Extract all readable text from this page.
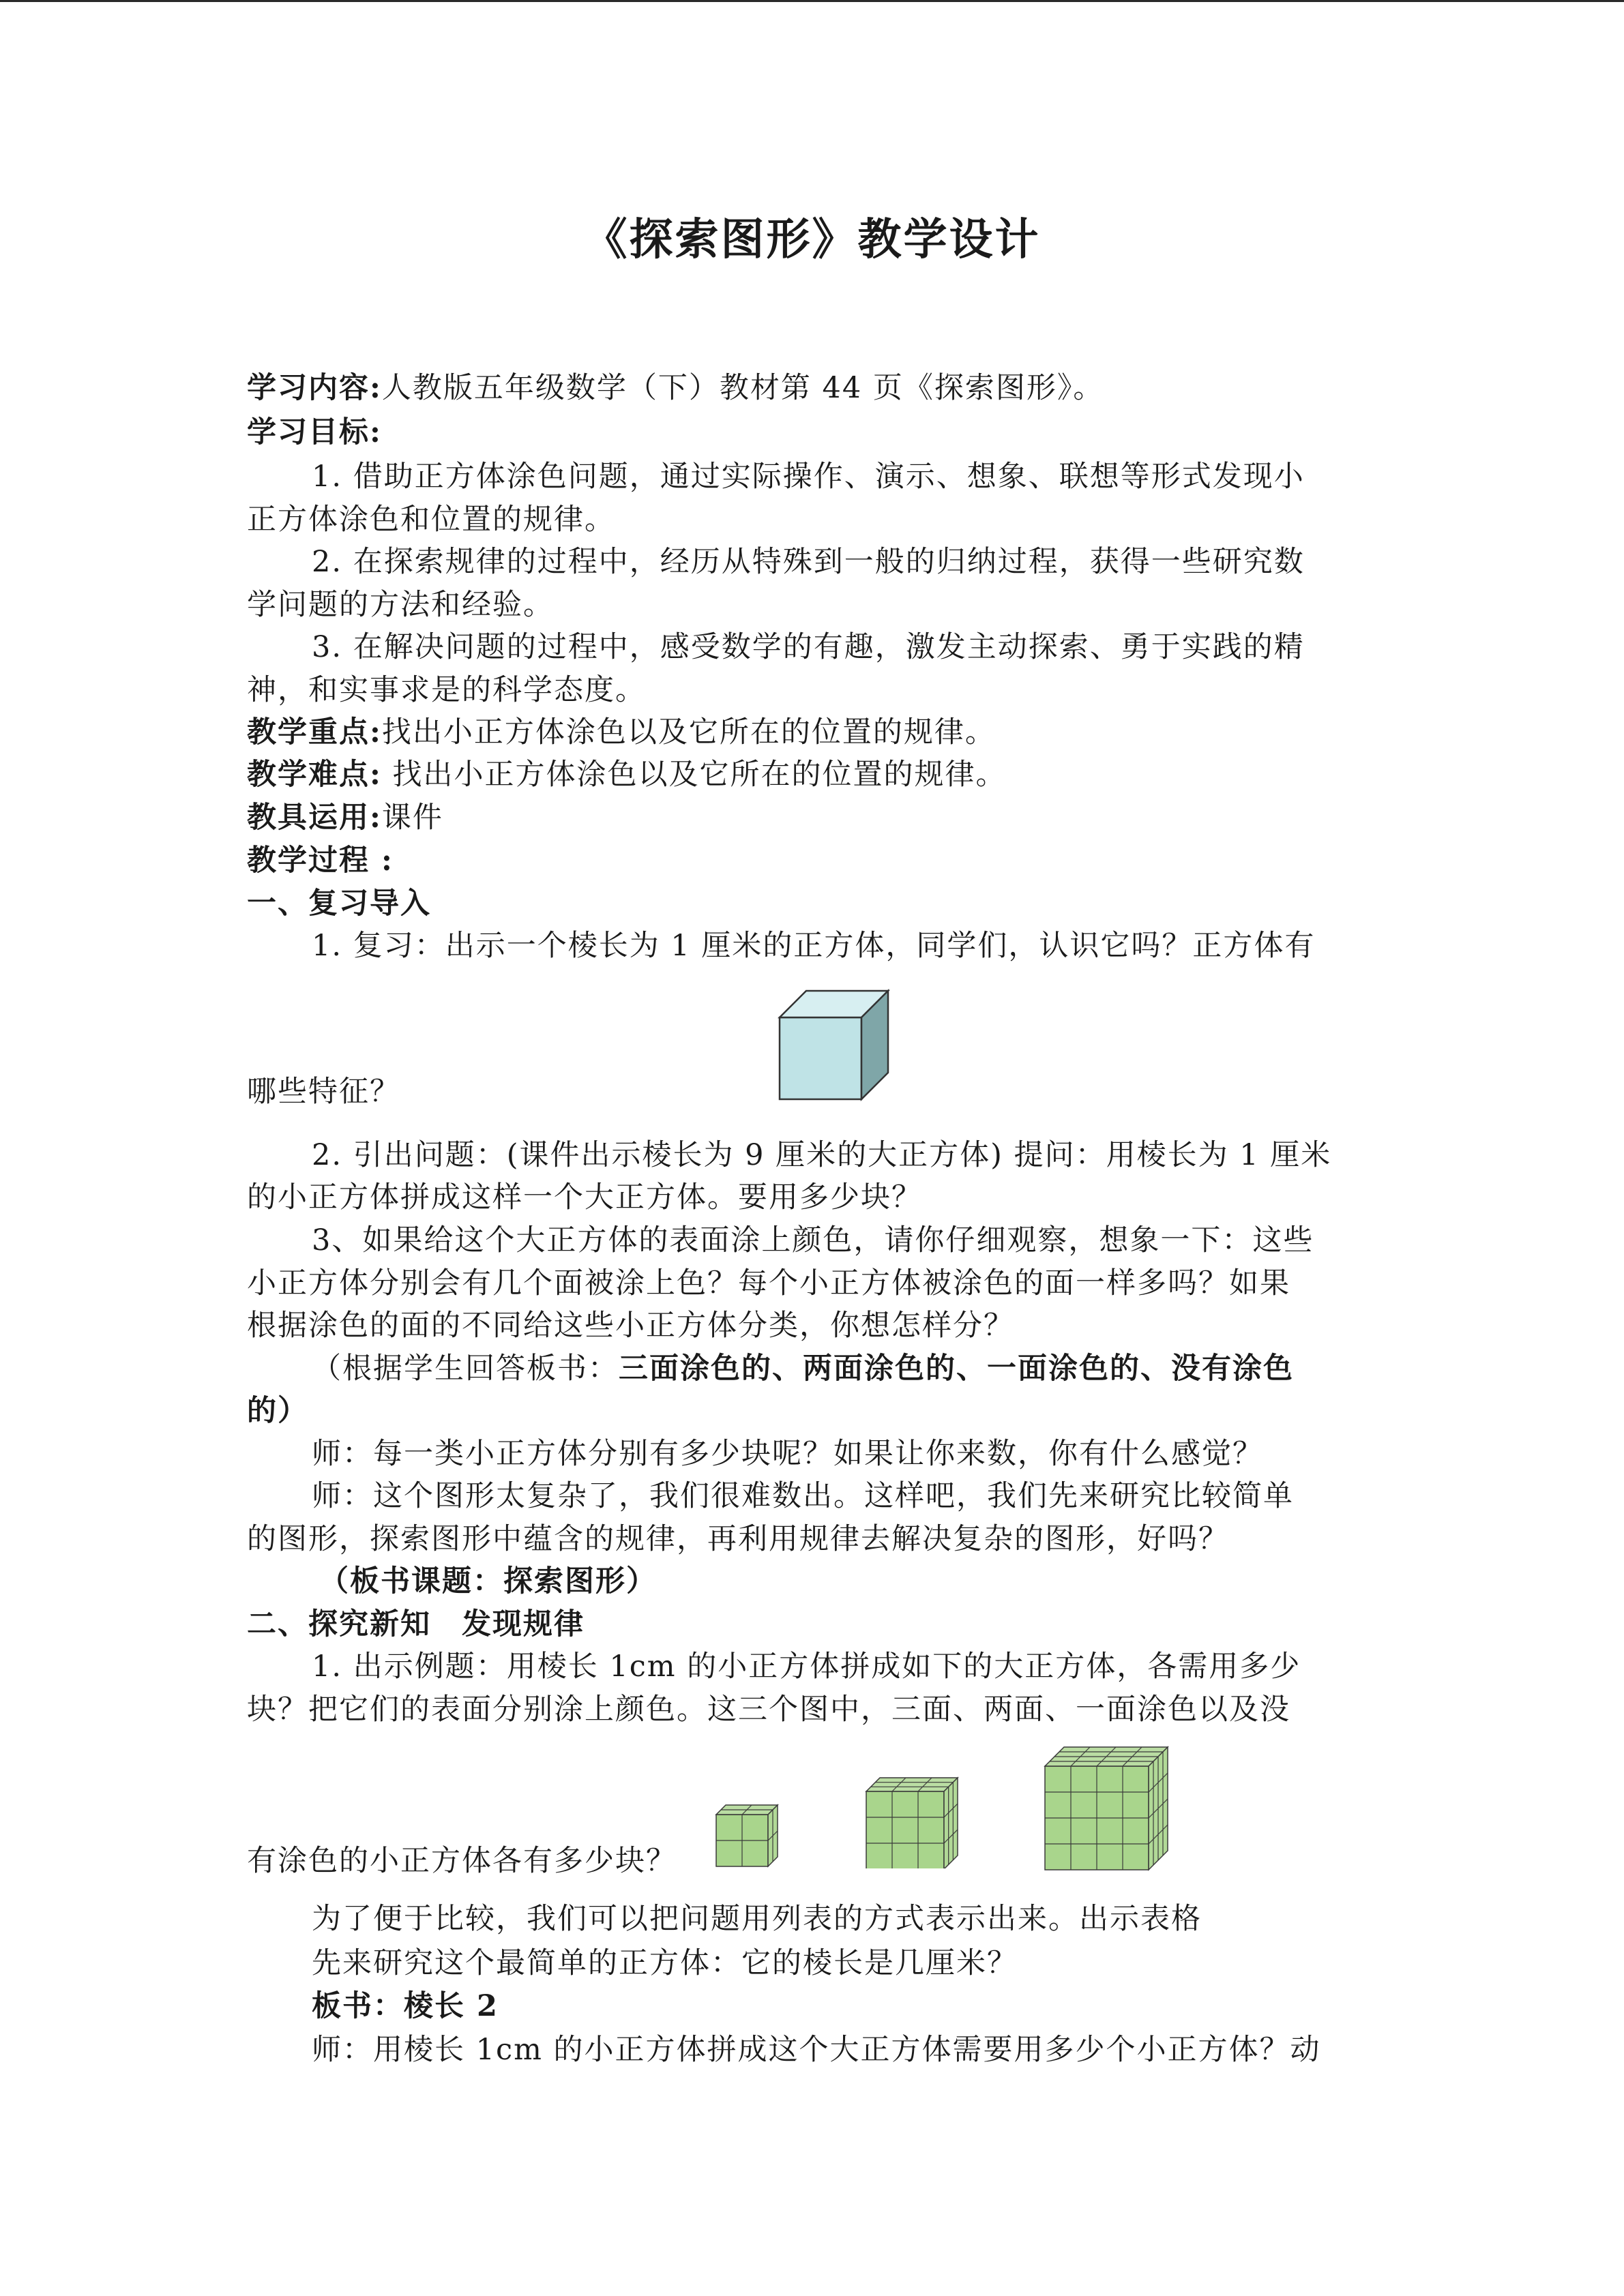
《探索图形》教学设计
学习内容:人教版五年级数学（下）教材第 44 页《探索图形》。
学习目标:
1. 借助正方体涂色问题，通过实际操作、演示、想象、联想等形式发现小
正方体涂色和位置的规律。
2. 在探索规律的过程中，经历从特殊到一般的归纳过程，获得一些研究数
学问题的方法和经验。
3. 在解决问题的过程中，感受数学的有趣，激发主动探索、勇于实践的精
神，和实事求是的科学态度。
教学重点:找出小正方体涂色以及它所在的位置的规律。
教学难点: 找出小正方体涂色以及它所在的位置的规律。
教具运用:课件
教学过程 :
一、复习导入
1. 复习：出示一个棱长为 1 厘米的正方体，同学们，认识它吗？正方体有
哪些特征？
2. 引出问题：(课件出示棱长为 9 厘米的大正方体) 提问：用棱长为 1 厘米
的小正方体拼成这样一个大正方体。要用多少块？
3、如果给这个大正方体的表面涂上颜色，请你仔细观察，想象一下：这些
小正方体分别会有几个面被涂上色？每个小正方体被涂色的面一样多吗？如果
根据涂色的面的不同给这些小正方体分类，你想怎样分？
（根据学生回答板书：三面涂色的、两面涂色的、一面涂色的、没有涂色
的）
师：每一类小正方体分别有多少块呢？如果让你来数，你有什么感觉？
师：这个图形太复杂了，我们很难数出。这样吧，我们先来研究比较简单
的图形，探索图形中蕴含的规律，再利用规律去解决复杂的图形，好吗？
（板书课题：探索图形）
二、探究新知　发现规律
1. 出示例题：用棱长 1cm 的小正方体拼成如下的大正方体，各需用多少
块？把它们的表面分别涂上颜色。这三个图中，三面、两面、一面涂色以及没
有涂色的小正方体各有多少块？
为了便于比较，我们可以把问题用列表的方式表示出来。出示表格
先来研究这个最简单的正方体：它的棱长是几厘米？
板书：棱长 2
师：用棱长 1cm 的小正方体拼成这个大正方体需要用多少个小正方体？动
